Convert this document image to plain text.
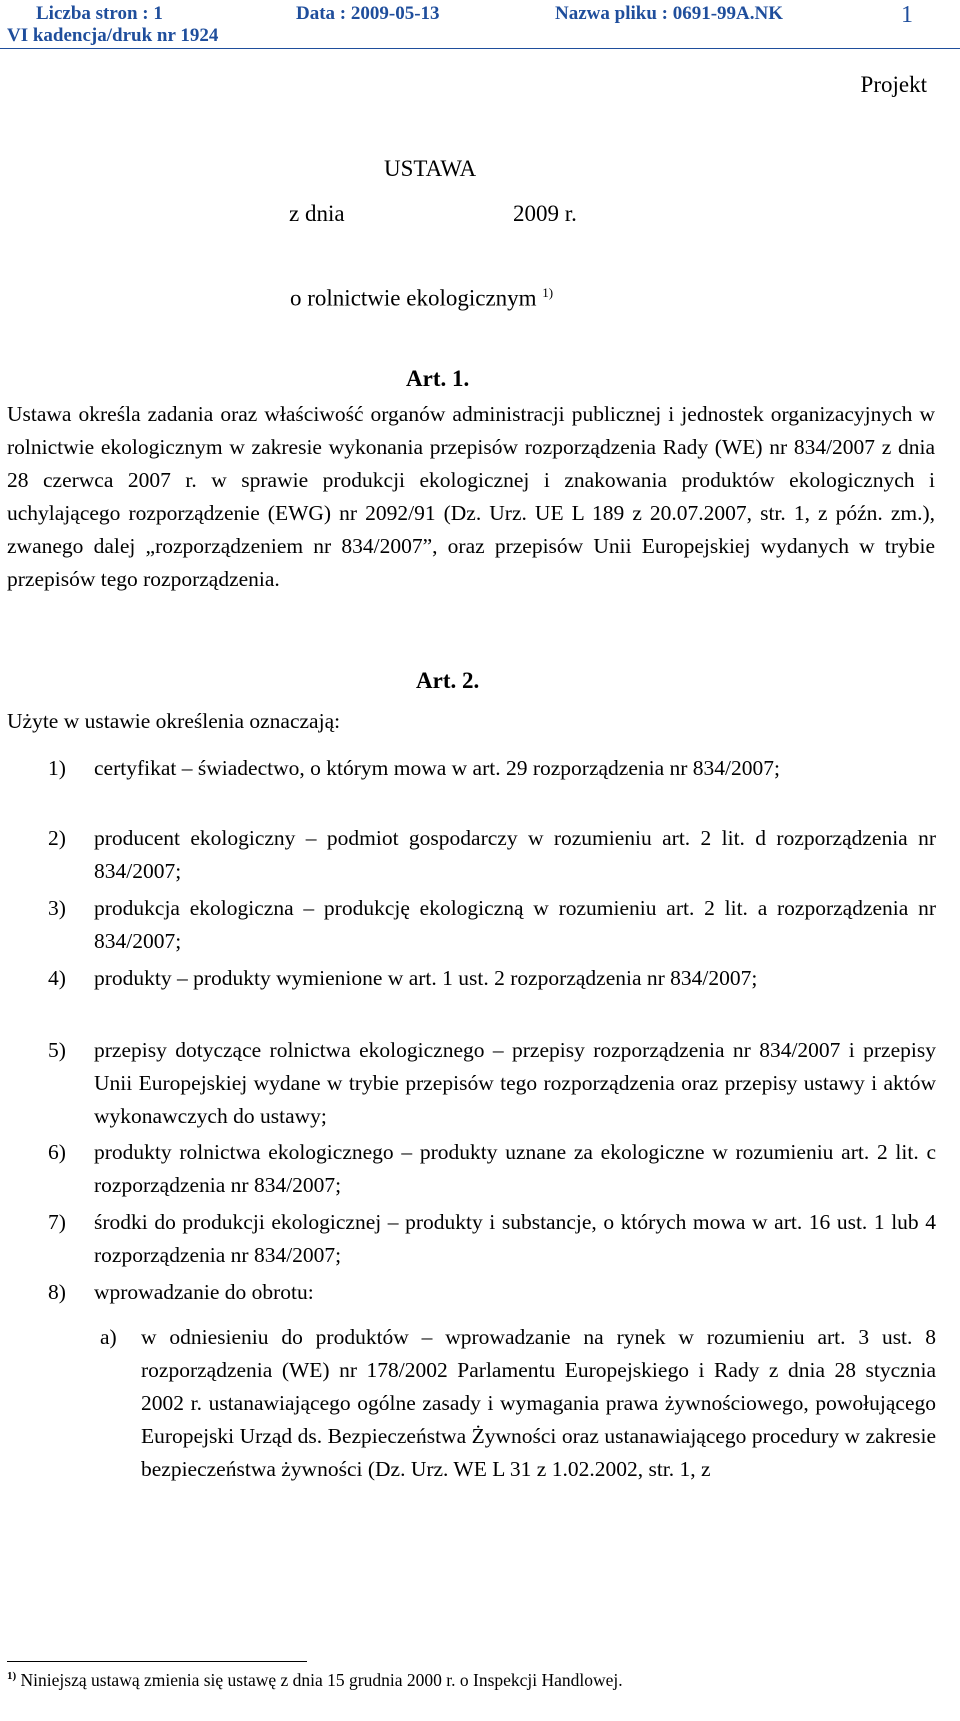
Liczba stron : 1	Data : 2009-05-13	Nazwa pliku : 0691-99A.NK
VI kadencja/druk nr 1924
1
Projekt
USTAWA
z dnia	2009 r.
o rolnictwie ekologicznym $^{1)}$
Art. 1.
Ustawa określa zadania oraz właściwość organów administracji publicznej i jednostek organizacyjnych w rolnictwie ekologicznym w zakresie wykonania przepisów rozporządzenia Rady (WE) nr 834/2007 z dnia 28 czerwca 2007 r. w sprawie produkcji ekologicznej i znakowania produktów ekologicznych i uchylającego rozporządzenie (EWG) nr 2092/91 (Dz. Urz. UE L 189 z 20.07.2007, str. 1, z późn. zm.), zwanego dalej „rozporządzeniem nr 834/2007”, oraz przepisów Unii Europejskiej wydanych w trybie przepisów tego rozporządzenia.
Art. 2.
Użyte w ustawie określenia oznaczają:
1) certyfikat – świadectwo, o którym mowa w art. 29 rozporządzenia nr 834/2007;
2) producent ekologiczny – podmiot gospodarczy w rozumieniu art. 2 lit. d rozporządzenia nr 834/2007;
3) produkcja ekologiczna – produkcję ekologiczną w rozumieniu art. 2 lit. a rozporządzenia nr 834/2007;
4) produkty – produkty wymienione w art. 1 ust. 2 rozporządzenia nr 834/2007;
5) przepisy dotyczące rolnictwa ekologicznego – przepisy rozporządzenia nr 834/2007 i przepisy Unii Europejskiej wydane w trybie przepisów tego rozporządzenia oraz przepisy ustawy i aktów wykonawczych do ustawy;
6) produkty rolnictwa ekologicznego – produkty uznane za ekologiczne w rozumieniu art. 2 lit. c rozporządzenia nr 834/2007;
7) środki do produkcji ekologicznej – produkty i substancje, o których mowa w art. 16 ust. 1 lub 4 rozporządzenia nr 834/2007;
8) wprowadzanie do obrotu:
a) w odniesieniu do produktów – wprowadzanie na rynek w rozumieniu art. 3 ust. 8 rozporządzenia (WE) nr 178/2002 Parlamentu Europejskiego i Rady z dnia 28 stycznia 2002 r. ustanawiającego ogólne zasady i wymagania prawa żywnościowego, powołującego Europejski Urząd ds. Bezpieczeństwa Żywności oraz ustanawiającego procedury w zakresie bezpieczeństwa żywności (Dz. Urz. WE L 31 z 1.02.2002, str. 1, z
$^{1)}$ Niniejszą ustawą zmienia się ustawę z dnia 15 grudnia 2000 r. o Inspekcji Handlowej.
